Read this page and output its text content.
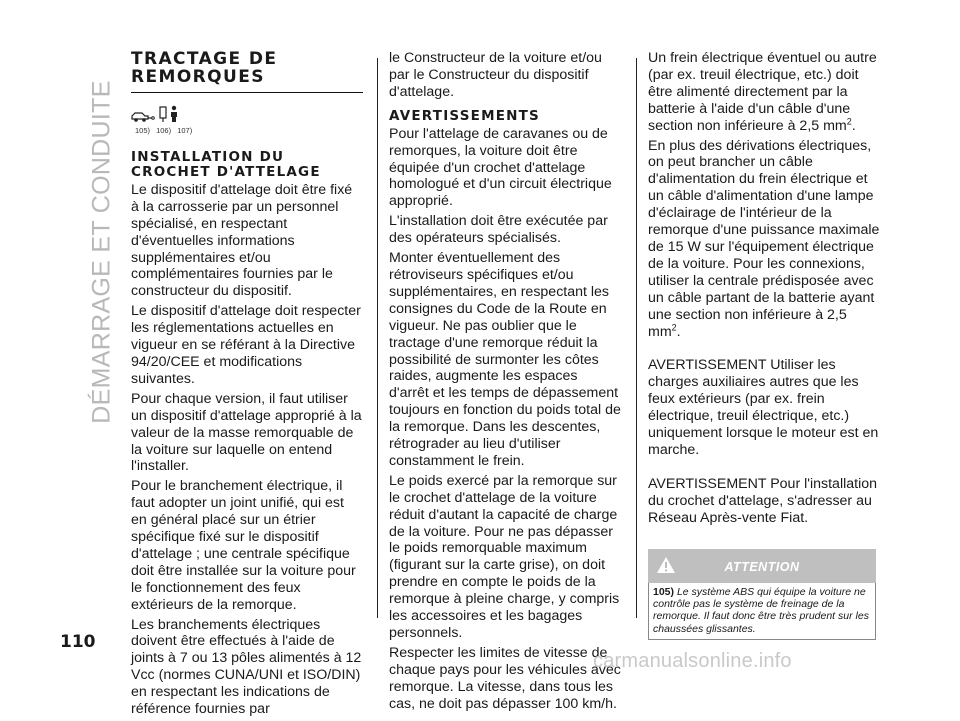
DÉMARRAGE ET CONDUITE
TRACTAGE DE
REMORQUES
105) 106) 107)
INSTALLATION DU
CROCHET D'ATTELAGE

Le dispositif d'attelage doit être fixé à la carrosserie par un personnel spécialisé, en respectant d'éventuelles informations supplémentaires et/ou complémentaires fournies par le constructeur du dispositif.

Le dispositif d'attelage doit respecter les réglementations actuelles en vigueur en se référant à la Directive 94/20/CEE et modifications suivantes.

Pour chaque version, il faut utiliser un dispositif d'attelage approprié à la valeur de la masse remorquable de la voiture sur laquelle on entend l'installer.

Pour le branchement électrique, il faut adopter un joint unifié, qui est en général placé sur un étrier spécifique fixé sur le dispositif d'attelage ; une centrale spécifique doit être installée sur la voiture pour le fonctionnement des feux extérieurs de la remorque.

Les branchements électriques doivent être effectués à l'aide de joints à 7 ou 13 pôles alimentés à 12 Vcc (normes CUNA/UNI et ISO/DIN) en respectant les indications de référence fournies par

le Constructeur de la voiture et/ou par le Constructeur du dispositif d'attelage.

AVERTISSEMENTS

Pour l'attelage de caravanes ou de remorques, la voiture doit être équipée d'un crochet d'attelage homologué et d'un circuit électrique approprié.

L'installation doit être exécutée par des opérateurs spécialisés.

Monter éventuellement des rétroviseurs spécifiques et/ou supplémentaires, en respectant les consignes du Code de la Route en vigueur. Ne pas oublier que le tractage d'une remorque réduit la possibilité de surmonter les côtes raides, augmente les espaces d'arrêt et les temps de dépassement toujours en fonction du poids total de la remorque. Dans les descentes, rétrograder au lieu d'utiliser constamment le frein.

Le poids exercé par la remorque sur le crochet d'attelage de la voiture réduit d'autant la capacité de charge de la voiture. Pour ne pas dépasser le poids remorquable maximum (figurant sur la carte grise), on doit prendre en compte le poids de la remorque à pleine charge, y compris les accessoires et les bagages personnels.

Respecter les limites de vitesse de chaque pays pour les véhicules avec remorque. La vitesse, dans tous les cas, ne doit pas dépasser 100 km/h.

Un frein électrique éventuel ou autre (par ex. treuil électrique, etc.) doit être alimenté directement par la batterie à l'aide d'un câble d'une section non inférieure à 2,5 $mm^2$.

En plus des dérivations électriques, on peut brancher un câble d'alimentation du frein électrique et un câble d'alimentation d'une lampe d'éclairage de l'intérieur de la remorque d'une puissance maximale de 15 W sur l'équipement électrique de la voiture. Pour les connexions, utiliser la centrale prédisposée avec un câble partant de la batterie ayant une section non inférieure à 2,5 $mm^2$.

AVERTISSEMENT Utiliser les charges auxiliaires autres que les feux extérieurs (par ex. frein électrique, treuil électrique, etc.) uniquement lorsque le moteur est en marche.

AVERTISSEMENT Pour l'installation du crochet d'attelage, s'adresser au Réseau Après-vente Fiat.

ATTENTION
105) Le système ABS qui équipe la voiture ne contrôle pas le système de freinage de la remorque. Il faut donc être très prudent sur les chaussées glissantes.
110
carmanualsonline.info
